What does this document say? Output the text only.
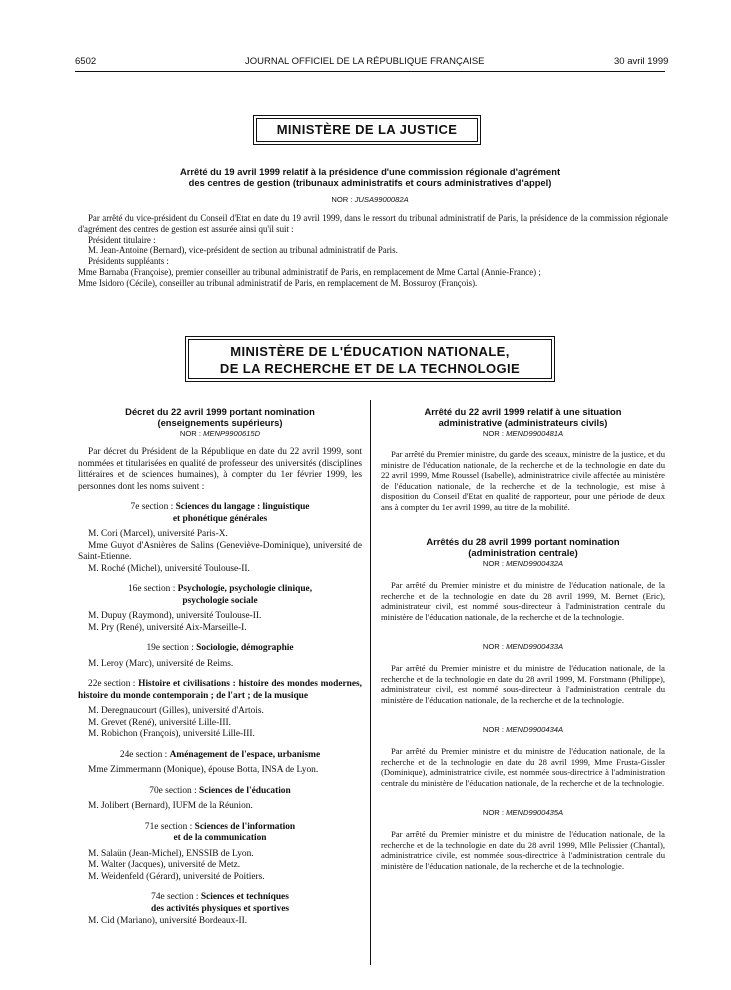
6502	JOURNAL OFFICIEL DE LA RÉPUBLIQUE FRANÇAISE	30 avril 1999
MINISTÈRE DE LA JUSTICE
Arrêté du 19 avril 1999 relatif à la présidence d'une commission régionale d'agrément
des centres de gestion (tribunaux administratifs et cours administratives d'appel)
NOR : JUSA9900082A
Par arrêté du vice-président du Conseil d'Etat en date du 19 avril 1999, dans le ressort du tribunal administratif de Paris, la présidence de la commission régionale d'agrément des centres de gestion est assurée ainsi qu'il suit :
Président titulaire :
M. Jean-Antoine (Bernard), vice-président de section au tribunal administratif de Paris.
Présidents suppléants :
Mme Barnaba (Françoise), premier conseiller au tribunal administratif de Paris, en remplacement de Mme Cartal (Annie-France) ;
Mme Isidoro (Cécile), conseiller au tribunal administratif de Paris, en remplacement de M. Bossuroy (François).
MINISTÈRE DE L'ÉDUCATION NATIONALE,
DE LA RECHERCHE ET DE LA TECHNOLOGIE
Décret du 22 avril 1999 portant nomination
(enseignements supérieurs)
NOR : MENP9900615D
Par décret du Président de la République en date du 22 avril 1999, sont nommées et titularisées en qualité de professeur des universités (disciplines littéraires et de sciences humaines), à compter du 1er février 1999, les personnes dont les noms suivent :
7e section : Sciences du langage : linguistique
et phonétique générales
M. Cori (Marcel), université Paris-X.
Mme Guyot d'Asnières de Salins (Geneviève-Dominique), université de Saint-Etienne.
M. Roché (Michel), université Toulouse-II.
16e section : Psychologie, psychologie clinique,
psychologie sociale
M. Dupuy (Raymond), université Toulouse-II.
M. Pry (René), université Aix-Marseille-I.
19e section : Sociologie, démographie
M. Leroy (Marc), université de Reims.
22e section : Histoire et civilisations : histoire des mondes modernes, histoire du monde contemporain ; de l'art ; de la musique
M. Deregnaucourt (Gilles), université d'Artois.
M. Grevet (René), université Lille-III.
M. Robichon (François), université Lille-III.
24e section : Aménagement de l'espace, urbanisme
Mme Zimmermann (Monique), épouse Botta, INSA de Lyon.
70e section : Sciences de l'éducation
M. Jolibert (Bernard), IUFM de la Réunion.
71e section : Sciences de l'information
et de la communication
M. Salaün (Jean-Michel), ENSSIB de Lyon.
M. Walter (Jacques), université de Metz.
M. Weidenfeld (Gérard), université de Poitiers.
74e section : Sciences et techniques
des activités physiques et sportives
M. Cid (Mariano), université Bordeaux-II.
Arrêté du 22 avril 1999 relatif à une situation
administrative (administrateurs civils)
NOR : MEND9900481A
Par arrêté du Premier ministre, du garde des sceaux, ministre de la justice, et du ministre de l'éducation nationale, de la recherche et de la technologie en date du 22 avril 1999, Mme Roussel (Isabelle), administratrice civile affectée au ministère de l'éducation nationale, de la recherche et de la technologie, est mise à disposition du Conseil d'Etat en qualité de rapporteur, pour une période de deux ans à compter du 1er avril 1999, au titre de la mobilité.
Arrêtés du 28 avril 1999 portant nomination
(administration centrale)
NOR : MEND9900432A
Par arrêté du Premier ministre et du ministre de l'éducation nationale, de la recherche et de la technologie en date du 28 avril 1999, M. Bernet (Eric), administrateur civil, est nommé sous-directeur à l'administration centrale du ministère de l'éducation nationale, de la recherche et de la technologie.
NOR : MEND9900433A
Par arrêté du Premier ministre et du ministre de l'éducation nationale, de la recherche et de la technologie en date du 28 avril 1999, M. Forstmann (Philippe), administrateur civil, est nommé sous-directeur à l'administration centrale du ministère de l'éducation nationale, de la recherche et de la technologie.
NOR : MEND9900434A
Par arrêté du Premier ministre et du ministre de l'éducation nationale, de la recherche et de la technologie en date du 28 avril 1999, Mme Frusta-Gissler (Dominique), administratrice civile, est nommée sous-directrice à l'administration centrale du ministère de l'éducation nationale, de la recherche et de la technologie.
NOR : MEND9900435A
Par arrêté du Premier ministre et du ministre de l'éducation nationale, de la recherche et de la technologie en date du 28 avril 1999, Mlle Pelissier (Chantal), administratrice civile, est nommée sous-directrice à l'administration centrale du ministère de l'éducation nationale, de la recherche et de la technologie.
